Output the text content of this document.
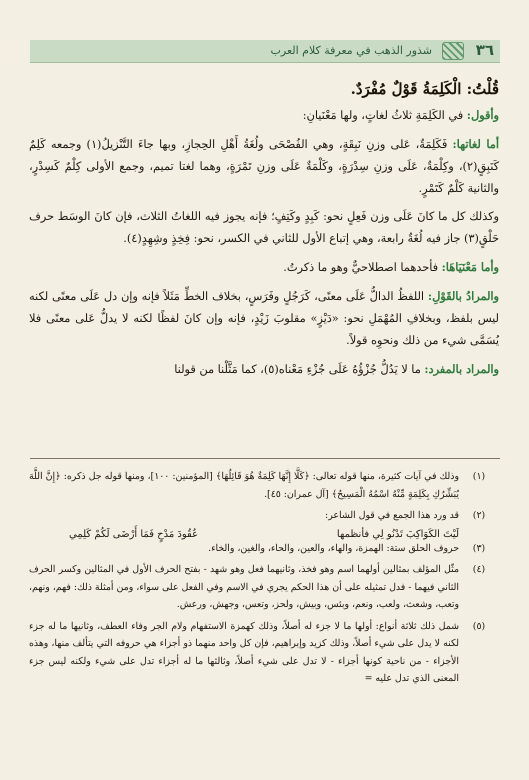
٣٦
شذور الذهب في معرفة كلام العرب
قُلْتُ: الْكَلِمَةُ قَوْلٌ مُفْرَدٌ.

وأقول: في الكَلِمَةِ ثلاثُ لغاتٍ، ولها مَعْنَيانِ:

أما لغاتها: فَكَلِمَةٌ، عَلى وزنِ نَبِقَةٍ، وهي الفُصْحَى ولُغَةُ أَهْلِ الحِجازِ، وبها جاءَ التَّنْزيلُ(١) وجمعه كَلِمٌ كَنَبِقٍ(٢)، وكِلْمَةٌ، عَلَى وزنِ سِدْرَةٍ، وكَلْمَةٌ عَلَى وزنِ تَمْرَةٍ، وهما لغتا تميم، وجمع الأولى كِلْمٌ كَسِدْرٍ، والثانية كَلْمٌ كَتَمْرٍ.

وكذلك كل ما كانَ عَلَى وزن فَعِلٍ نحو: كَبِدٍ وكَتِفٍ؛ فإنه يجوز فيه اللغاتُ الثلاث، فإن كانَ الوسَط حرف حَلْقٍ(٣) جاز فيه لُغَةٌ رابعة، وهي إتباع الأول للثاني في الكسر، نحو: فِخِذٍ وشِهِدٍ(٤).

وأما مَعْنَيَاهَا: فأحدهما اصطلاحيٌّ وهو ما ذكرتُ.

والمرادُ بالقَوْلِ: اللفظُ الدالُّ عَلَى معنًى، كَرَجُلٍ وفَرَسٍ، بخلاف الخطِّ مَثَلاً فإنه وإن دل عَلَى معنًى لكنه ليس بلفظ، وبخلافِ المُهْمَلِ نحو: «دَيْزٍ» مقلوبَ زَيْدٍ، فإنه وإن كانَ لفظًا لكنه لا يدلُّ عَلى معنًى فلا يُسَمَّى شيء من ذلك ونحوِه قولاً.

والمراد بالمفرد: ما لا يَدُلُّ جُزْؤُهُ عَلَى جُزْءِ مَعْناه(٥)، كما مَثَّلْنا من قولنا

(١)
وذلك في آيات كثيرة، منها قوله تعالى: ﴿كَلَّا إِنَّهَا كَلِمَةٌ هُوَ قَائِلُهَا﴾ [المؤمنين: ١٠٠]، ومنها قوله جل ذكره: ﴿إِنَّ اللَّهَ يُبَشِّرُكِ بِكَلِمَةٍ مِّنْهُ اسْمُهُ الْمَسِيحُ﴾ [آل عمران: ٤٥].
(٢)
قد ورد هذا الجمع في قول الشاعر:
لَيْتَ الكَوَاكِبَ تَدْنُو لِي فأنظمها
عُقُودَ مَدْحٍ فَمَا أَرْضَى لَكُمْ كَلِمِي
(٣)
حروف الحلق ستة: الهمزة، والهاء، والعين، والحاء، والغين، والخاء.
(٤)
مثّل المؤلف بمثالين أولهما اسم وهو فخذ، وثانيهما فعل وهو شهد - بفتح الحرف الأول في المثالين وكسر الحرف الثاني فيهما - فدل تمثيله على أن هذا الحكم يجري في الاسم وفي الفعل على سواء، ومن أمثلة ذلك: فهم، ونهم، وتعب، وشعث، ولعب، ونعم، وبئس، وبيش، ولحز، وتعس، وجهش، ورعش.
(٥)
شمل ذلك ثلاثة أنواع: أولها ما لا جزء له أصلاً، وذلك كهمزة الاستفهام ولام الجر وفاء العطف، وثانيها ما له جزء لكنه لا يدل على شيء أصلاً، وذلك كزيد وإبراهيم، فإن كل واحد منهما ذو أجزاء هي حروفه التي يتألف منها، وهذه الأجزاء - من ناحية كونها أجزاء - لا تدل على شيء أصلاً، وثالثها ما له أجزاء تدل على شيء ولكنه ليس جزء المعنى الذي تدل عليه =
